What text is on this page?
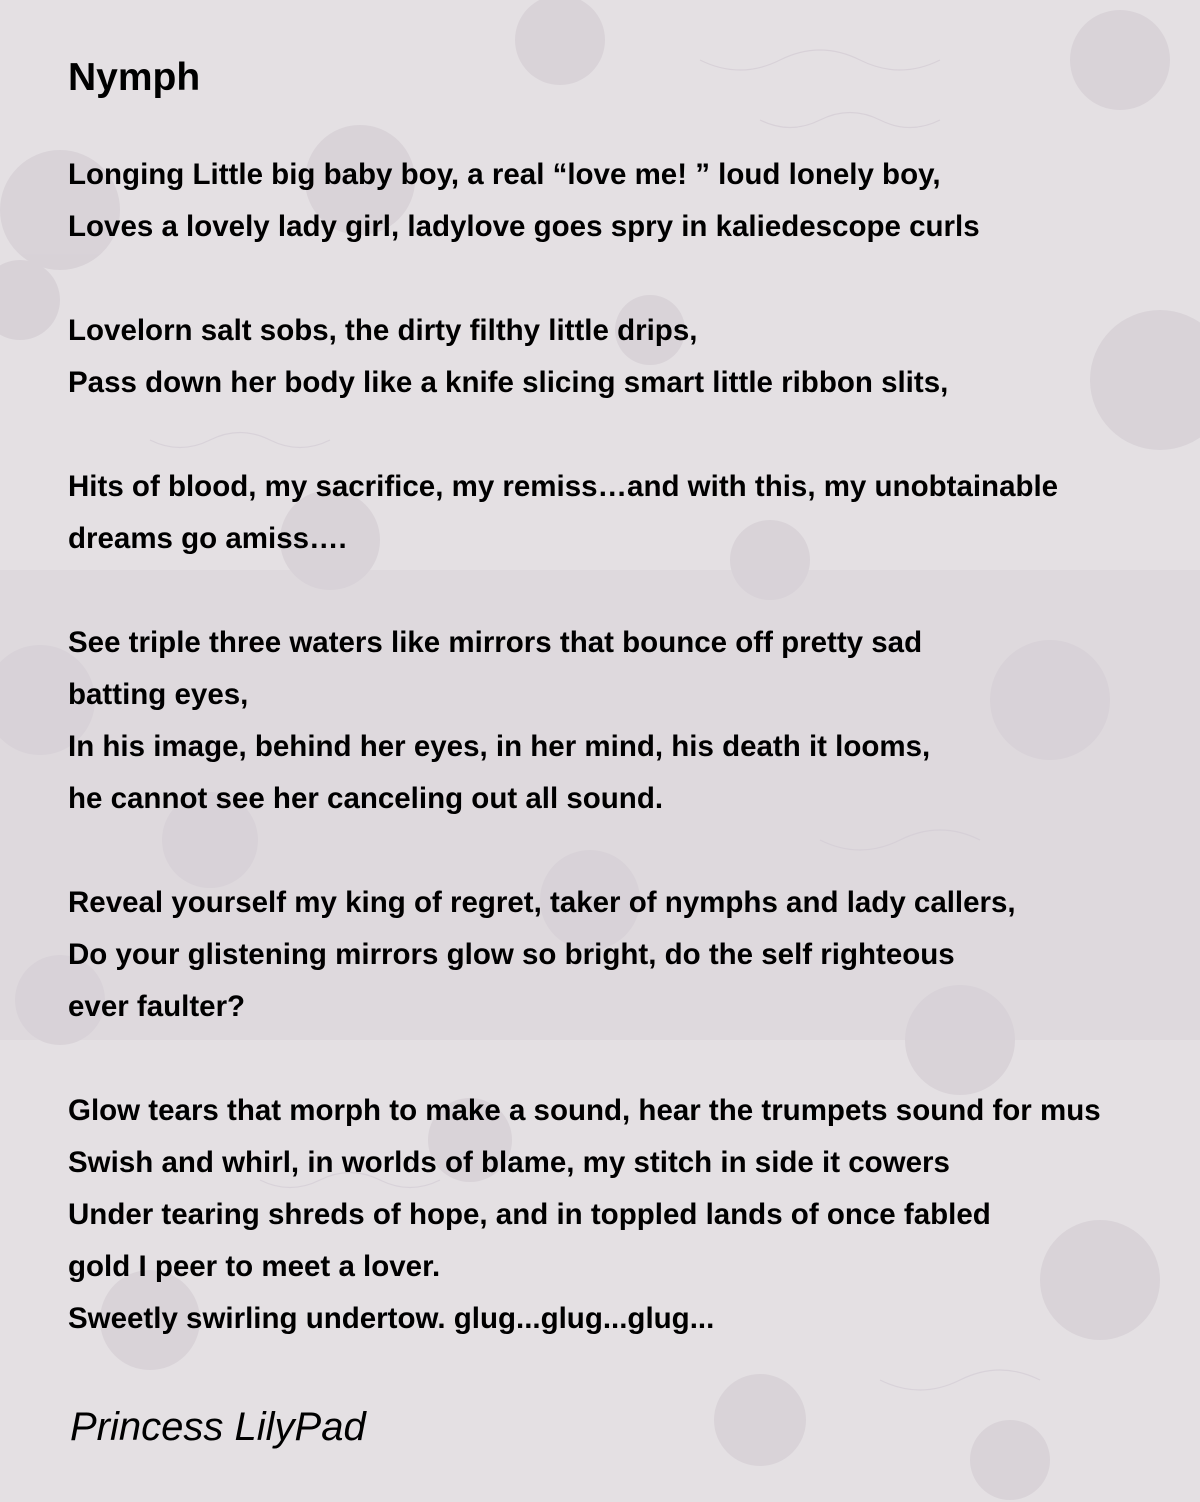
Nymph
Longing Little big baby boy, a real “love me! ” loud lonely boy,
Loves a lovely lady girl, ladylove goes spry in kaliedescope curls
Lovelorn salt sobs, the dirty filthy little drips,
Pass down her body like a knife slicing smart little ribbon slits,
Hits of blood, my sacrifice, my remiss…and with this, my unobtainable
dreams go amiss….
See triple three waters like mirrors that bounce off pretty sad
batting eyes,
In his image, behind her eyes, in her mind, his death it looms,
he cannot see her canceling out all sound.
Reveal yourself my king of regret, taker of nymphs and lady callers,
Do your glistening mirrors glow so bright, do the self righteous
ever faulter?
Glow tears that morph to make a sound, hear the trumpets sound for mus
Swish and whirl, in worlds of blame, my stitch in side it cowers
Under tearing shreds of hope, and in toppled lands of once fabled
gold I peer to meet a lover.
Sweetly swirling undertow. glug...glug...glug...
Princess LilyPad
